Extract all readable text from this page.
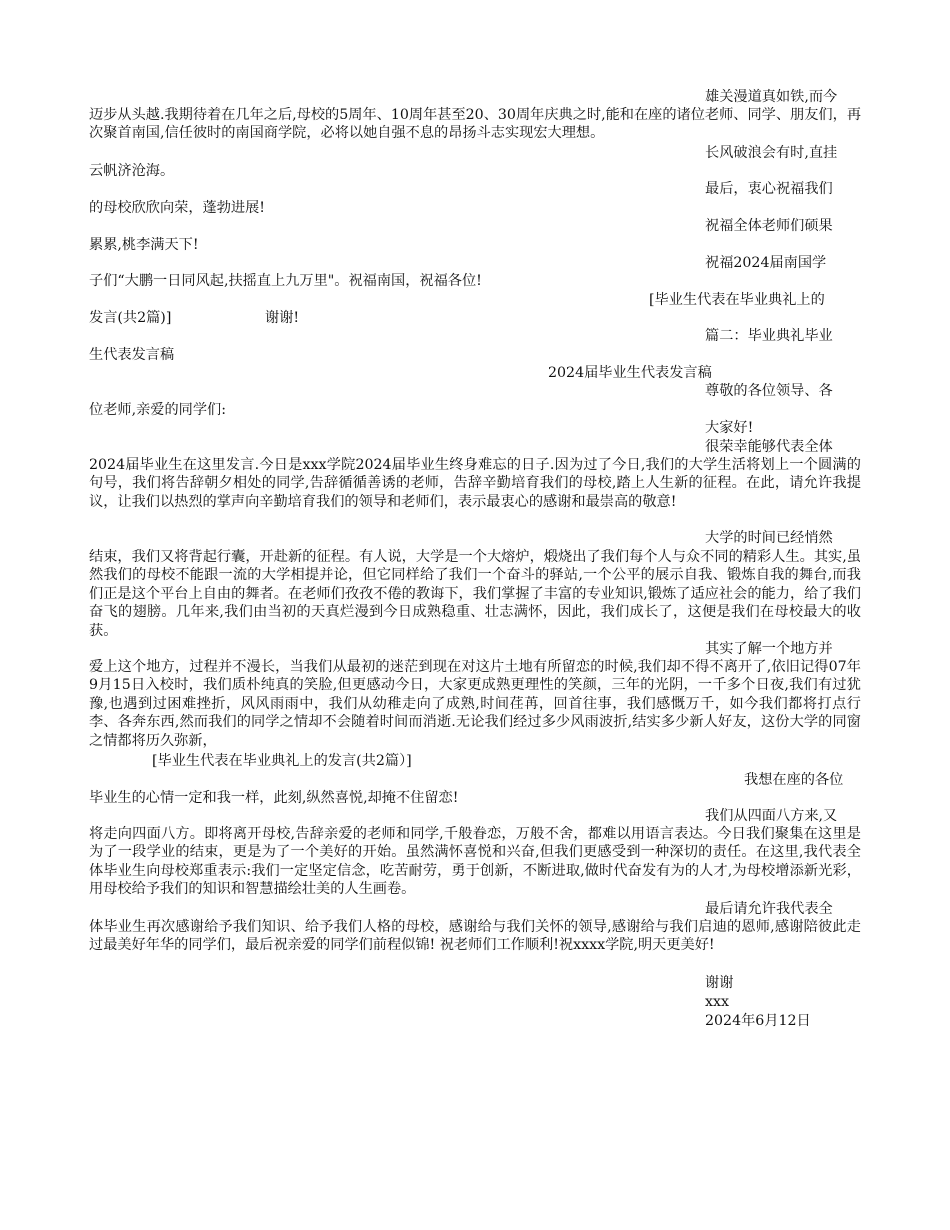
雄关漫道真如铁,而今
迈步从头越.我期待着在几年之后,母校的5周年、10周年甚至20、30周年庆典之时,能和在座的诸位老师、同学、朋友们，再次聚首南国,信任彼时的南国商学院，必将以她自强不息的昂扬斗志实现宏大理想。
长风破浪会有时,直挂
云帆济沧海。
最后，衷心祝福我们
的母校欣欣向荣，蓬勃进展!
祝福全体老师们硕果
累累,桃李满天下!
祝福2024届南国学
子们“大鹏一日同风起,扶摇直上九万里"。祝福南国，祝福各位!
[毕业生代表在毕业典礼上的
发言(共2篇)]	谢谢!
篇二：毕业典礼毕业
生代表发言稿
2024届毕业生代表发言稿
尊敬的各位领导、各
位老师,亲爱的同学们:
大家好!
很荣幸能够代表全体
2024届毕业生在这里发言.今日是xxx学院2024届毕业生终身难忘的日子.因为过了今日,我们的大学生活将划上一个圆满的句号，我们将告辞朝夕相处的同学,告辞循循善诱的老师，告辞辛勤培育我们的母校,踏上人生新的征程。在此，请允许我提议，让我们以热烈的掌声向辛勤培育我们的领导和老师们，表示最衷心的感谢和最崇高的敬意!
大学的时间已经悄然
结束，我们又将背起行囊，开赴新的征程。有人说，大学是一个大熔炉，煅烧出了我们每个人与众不同的精彩人生。其实,虽然我们的母校不能跟一流的大学相提并论，但它同样给了我们一个奋斗的驿站,一个公平的展示自我、锻炼自我的舞台,而我们正是这个平台上自由的舞者。在老师们孜孜不倦的教诲下，我们掌握了丰富的专业知识,锻炼了适应社会的能力，给了我们奋飞的翅膀。几年来,我们由当初的天真烂漫到今日成熟稳重、壮志满怀，因此，我们成长了，这便是我们在母校最大的收获。
其实了解一个地方并
爱上这个地方，过程并不漫长，当我们从最初的迷茫到现在对这片土地有所留恋的时候,我们却不得不离开了,依旧记得07年9月15日入校时，我们质朴纯真的笑脸,但更感动今日，大家更成熟更理性的笑颜，三年的光阴，一千多个日夜,我们有过犹豫,也遇到过困难挫折，风风雨雨中，我们从幼稚走向了成熟,时间荏苒，回首往事，我们感慨万千，如今我们都将打点行李、各奔东西,然而我们的同学之情却不会随着时间而消逝.无论我们经过多少风雨波折,结实多少新人好友，这份大学的同窗之情都将历久弥新，
[毕业生代表在毕业典礼上的发言(共2篇）]
我想在座的各位
毕业生的心情一定和我一样，此刻,纵然喜悦,却掩不住留恋!
我们从四面八方来,又
将走向四面八方。即将离开母校,告辞亲爱的老师和同学,千般眷恋，万般不舍，都难以用语言表达。今日我们聚集在这里是为了一段学业的结束，更是为了一个美好的开始。虽然满怀喜悦和兴奋,但我们更感受到一种深切的责任。在这里,我代表全体毕业生向母校郑重表示:我们一定坚定信念，吃苦耐劳，勇于创新，不断进取,做时代奋发有为的人才,为母校增添新光彩，用母校给予我们的知识和智慧描绘壮美的人生画卷。
最后请允许我代表全
体毕业生再次感谢给予我们知识、给予我们人格的母校，感谢给与我们关怀的领导,感谢给与我们启迪的恩师,感谢陪彼此走过最美好年华的同学们，最后祝亲爱的同学们前程似锦! 祝老师们工作顺利!祝xxxx学院,明天更美好!
谢谢
xxx
2024年6月12日
